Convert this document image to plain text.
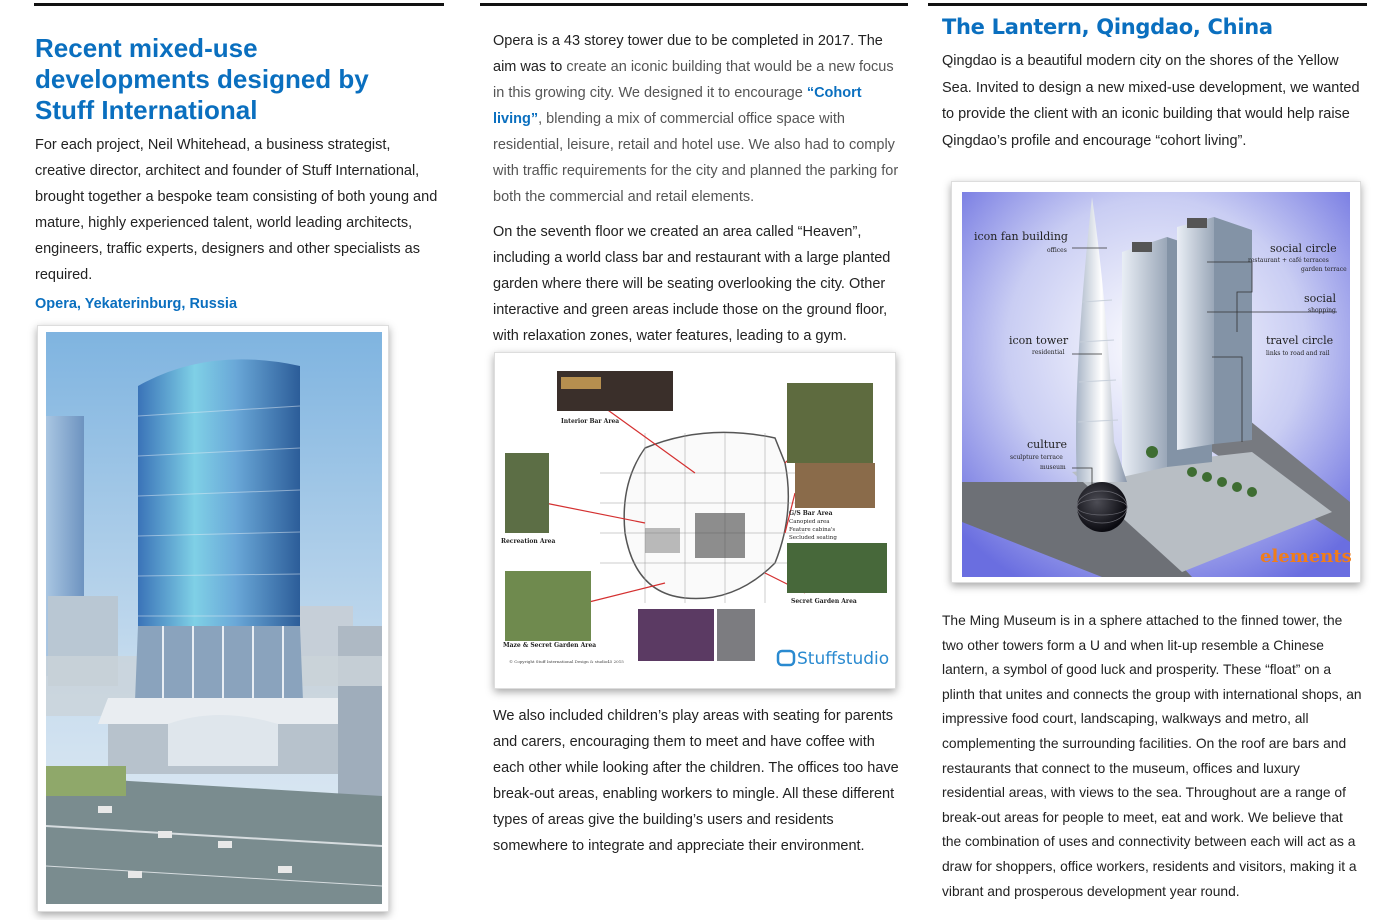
Recent mixed-use developments designed by Stuff International

For each project, Neil Whitehead, a business strategist, creative director, architect and founder of Stuff International, brought together a bespoke team consisting of both young and mature, highly experienced talent, world leading architects, engineers, traffic experts, designers and other specialists as required.

Opera, Yekaterinburg, Russia

Opera is a 43 storey tower due to be completed in 2017. The aim was to create an iconic building that would be a new focus in this growing city. We designed it to encourage “Cohort living”, blending a mix of commercial office space with residential, leisure, retail and hotel use. We also had to comply with traffic requirements for the city and planned the parking for both the commercial and retail elements.

On the seventh floor we created an area called “Heaven”, including a world class bar and restaurant with a large planted garden where there will be seating overlooking the city. Other interactive and green areas include those on the ground floor, with relaxation zones, water features, leading to a gym.

Interior Bar Area
Recreation Area
G/S Bar Area
Canopied area
Feature cabina's
Secluded seating
Secret Garden Area
Maze & Secret Garden Area
© Copyright Stuff International Design & studio45 2015	Stuffstudio

We also included children’s play areas with seating for parents and carers, encouraging them to meet and have coffee with each other while looking after the children. The offices too have break-out areas, enabling workers to mingle. All these different types of areas give the building’s users and residents somewhere to integrate and appreciate their environment.

The Lantern, Qingdao, China

Qingdao is a beautiful modern city on the shores of the Yellow Sea. Invited to design a new mixed-use development, we wanted to provide the client with an iconic building that would help raise Qingdao’s profile and encourage “cohort living”.

icon fan building
offices	social circle
restaurant + café terraces
garden terrace
social
shopping
icon tower
residential
travel circle
links to road and rail
culture
sculpture terrace
museum
elements

The Ming Museum is in a sphere attached to the finned tower, the two other towers form a U and when lit-up resemble a Chinese lantern, a symbol of good luck and prosperity. These “float” on a plinth that unites and connects the group with international shops, an impressive food court, landscaping, walkways and metro, all complementing the surrounding facilities. On the roof are bars and restaurants that connect to the museum, offices and luxury residential areas, with views to the sea. Throughout are a range of break-out areas for people to meet, eat and work. We believe that the combination of uses and connectivity between each will act as a draw for shoppers, office workers, residents and visitors, making it a vibrant and prosperous development year round.
